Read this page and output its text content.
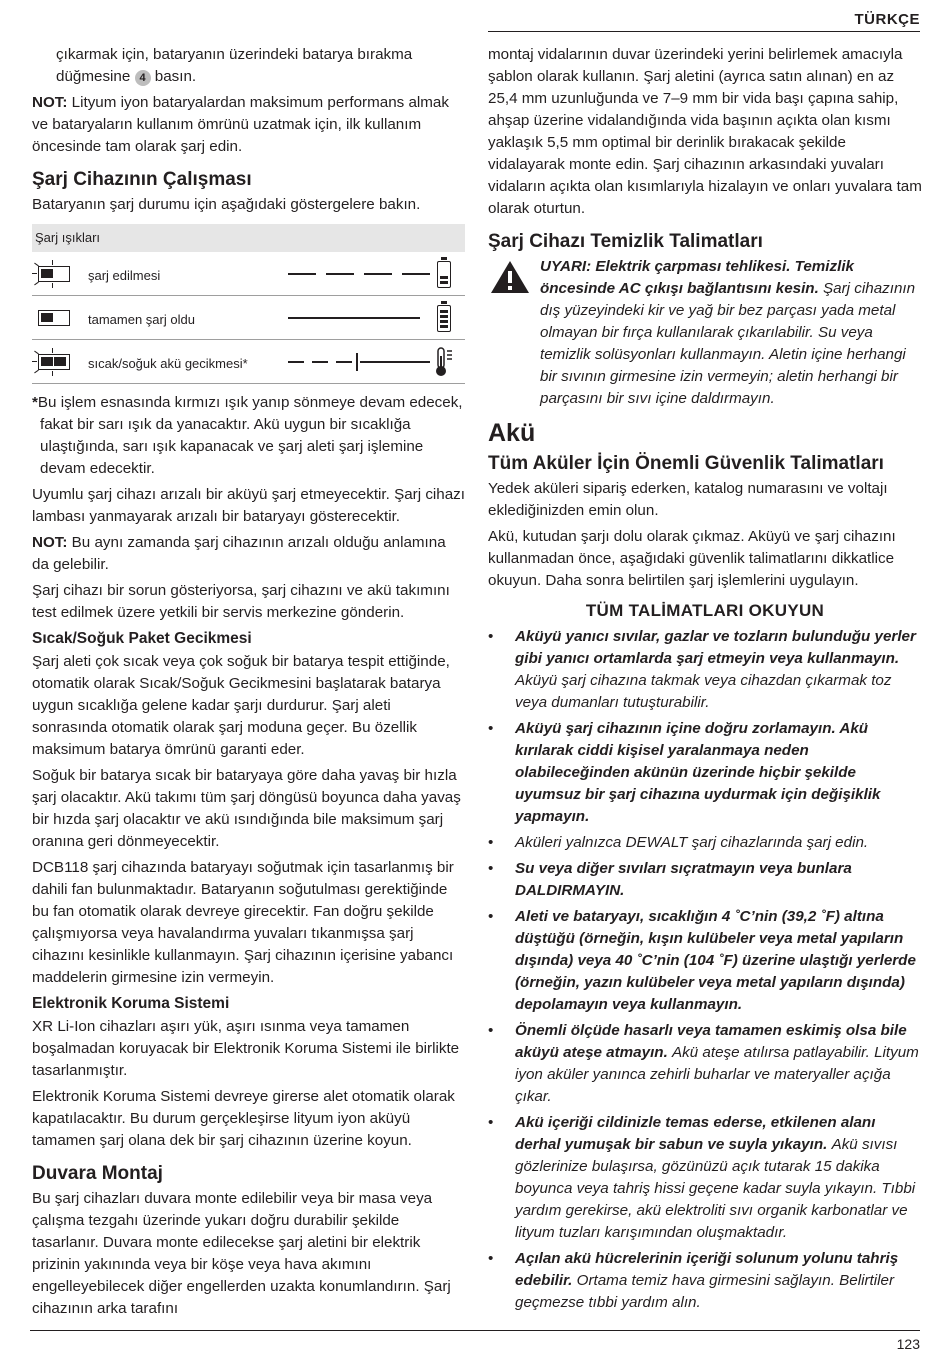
TÜRKÇE

çıkarmak için, bataryanın üzerindeki batarya bırakma
düğmesine 4 basın.

NOT: Lityum iyon bataryalardan maksimum performans almak ve bataryaların kullanım ömrünü uzatmak için, ilk kullanım öncesinde tam olarak şarj edin.

Şarj Cihazının Çalışması

Bataryanın şarj durumu için aşağıdaki göstergelere bakın.

Şarj ışıkları
şarj edilmesi
tamamen şarj oldu
sıcak/soğuk akü gecikmesi*

*Bu işlem esnasında kırmızı ışık yanıp sönmeye devam edecek, fakat bir sarı ışık da yanacaktır. Akü uygun bir sıcaklığa ulaştığında, sarı ışık kapanacak ve şarj aleti şarj işlemine devam edecektir.

Uyumlu şarj cihazı arızalı bir aküyü şarj etmeyecektir. Şarj cihazı lambası yanmayarak arızalı bir bataryayı gösterecektir.

NOT: Bu aynı zamanda şarj cihazının arızalı olduğu anlamına da gelebilir.

Şarj cihazı bir sorun gösteriyorsa, şarj cihazını ve akü takımını test edilmek üzere yetkili bir servis merkezine gönderin.

Sıcak/Soğuk Paket Gecikmesi

Şarj aleti çok sıcak veya çok soğuk bir batarya tespit ettiğinde, otomatik olarak Sıcak/Soğuk Gecikmesini başlatarak batarya uygun sıcaklığa gelene kadar şarjı durdurur. Şarj aleti sonrasında otomatik olarak şarj moduna geçer. Bu özellik maksimum batarya ömrünü garanti eder.

Soğuk bir batarya sıcak bir bataryaya göre daha yavaş bir hızla şarj olacaktır. Akü takımı tüm şarj döngüsü boyunca daha yavaş bir hızda şarj olacaktır ve akü ısındığında bile maksimum şarj oranına geri dönmeyecektir.

DCB118 şarj cihazında bataryayı soğutmak için tasarlanmış bir dahili fan bulunmaktadır. Bataryanın soğutulması gerektiğinde bu fan otomatik olarak devreye girecektir. Fan doğru şekilde çalışmıyorsa veya havalandırma yuvaları tıkanmışsa şarj cihazını kesinlikle kullanmayın. Şarj cihazının içerisine yabancı maddelerin girmesine izin vermeyin.

Elektronik Koruma Sistemi

XR Li-Ion cihazları aşırı yük, aşırı ısınma veya tamamen boşalmadan koruyacak bir Elektronik Koruma Sistemi ile birlikte tasarlanmıştır.

Elektronik Koruma Sistemi devreye girerse alet otomatik olarak kapatılacaktır. Bu durum gerçekleşirse lityum iyon aküyü tamamen şarj olana dek bir şarj cihazının üzerine koyun.

Duvara Montaj

Bu şarj cihazları duvara monte edilebilir veya bir masa veya çalışma tezgahı üzerinde yukarı doğru durabilir şekilde tasarlanır. Duvara monte edilecekse şarj aletini bir elektrik prizinin yakınında veya bir köşe veya hava akımını engelleyebilecek diğer engellerden uzakta konumlandırın. Şarj cihazının arka tarafını

montaj vidalarının duvar üzerindeki yerini belirlemek amacıyla şablon olarak kullanın. Şarj aletini (ayrıca satın alınan) en az 25,4 mm uzunluğunda ve 7–9 mm bir vida başı çapına sahip, ahşap üzerine vidalandığında vida başının açıkta olan kısmı yaklaşık 5,5 mm optimal bir derinlik bırakacak şekilde vidalayarak monte edin. Şarj cihazının arkasındaki yuvaları vidaların açıkta olan kısımlarıyla hizalayın ve onları yuvalara tam olarak oturtun.

Şarj Cihazı Temizlik Talimatları

UYARI: Elektrik çarpması tehlikesi. Temizlik öncesinde AC çıkışı bağlantısını kesin. Şarj cihazının dış yüzeyindeki kir ve yağ bir bez parçası yada metal olmayan bir fırça kullanılarak çıkarılabilir. Su veya temizlik solüsyonları kullanmayın. Aletin içine herhangi bir sıvının girmesine izin vermeyin; aletin herhangi bir parçasını bir sıvı içine daldırmayın.

Akü
Tüm Aküler İçin Önemli Güvenlik Talimatları

Yedek aküleri sipariş ederken, katalog numarasını ve voltajı eklediğinizden emin olun.

Akü, kutudan şarjı dolu olarak çıkmaz. Aküyü ve şarj cihazını kullanmadan önce, aşağıdaki güvenlik talimatlarını dikkatlice okuyun. Daha sonra belirtilen şarj işlemlerini uygulayın.

TÜM TALİMATLARI OKUYUN
• Aküyü yanıcı sıvılar, gazlar ve tozların bulunduğu yerler gibi yanıcı ortamlarda şarj etmeyin veya kullanmayın. Aküyü şarj cihazına takmak veya cihazdan çıkarmak toz veya dumanları tutuşturabilir.
• Aküyü şarj cihazının içine doğru zorlamayın. Akü kırılarak ciddi kişisel yaralanmaya neden olabileceğinden akünün üzerinde hiçbir şekilde uyumsuz bir şarj cihazına uydurmak için değişiklik yapmayın.
• Aküleri yalnızca DEWALT şarj cihazlarında şarj edin.
• Su veya diğer sıvıları sıçratmayın veya bunlara DALDIRMAYIN.
• Aleti ve bataryayı, sıcaklığın 4 ˚C’nin (39,2 ˚F) altına düştüğü (örneğin, kışın kulübeler veya metal yapıların dışında) veya 40 ˚C’nin (104 ˚F) üzerine ulaştığı yerlerde (örneğin, yazın kulübeler veya metal yapıların dışında) depolamayın veya kullanmayın.
• Önemli ölçüde hasarlı veya tamamen eskimiş olsa bile aküyü ateşe atmayın. Akü ateşe atılırsa patlayabilir. Lityum iyon aküler yanınca zehirli buharlar ve materyaller açığa çıkar.
• Akü içeriği cildinizle temas ederse, etkilenen alanı derhal yumuşak bir sabun ve suyla yıkayın. Akü sıvısı gözlerinize bulaşırsa, gözünüzü açık tutarak 15 dakika boyunca veya tahriş hissi geçene kadar suyla yıkayın. Tıbbi yardım gerekirse, akü elektroliti sıvı organik karbonatlar ve lityum tuzları karışımından oluşmaktadır.
• Açılan akü hücrelerinin içeriği solunum yolunu tahriş edebilir. Ortama temiz hava girmesini sağlayın. Belirtiler geçmezse tıbbi yardım alın.
123
